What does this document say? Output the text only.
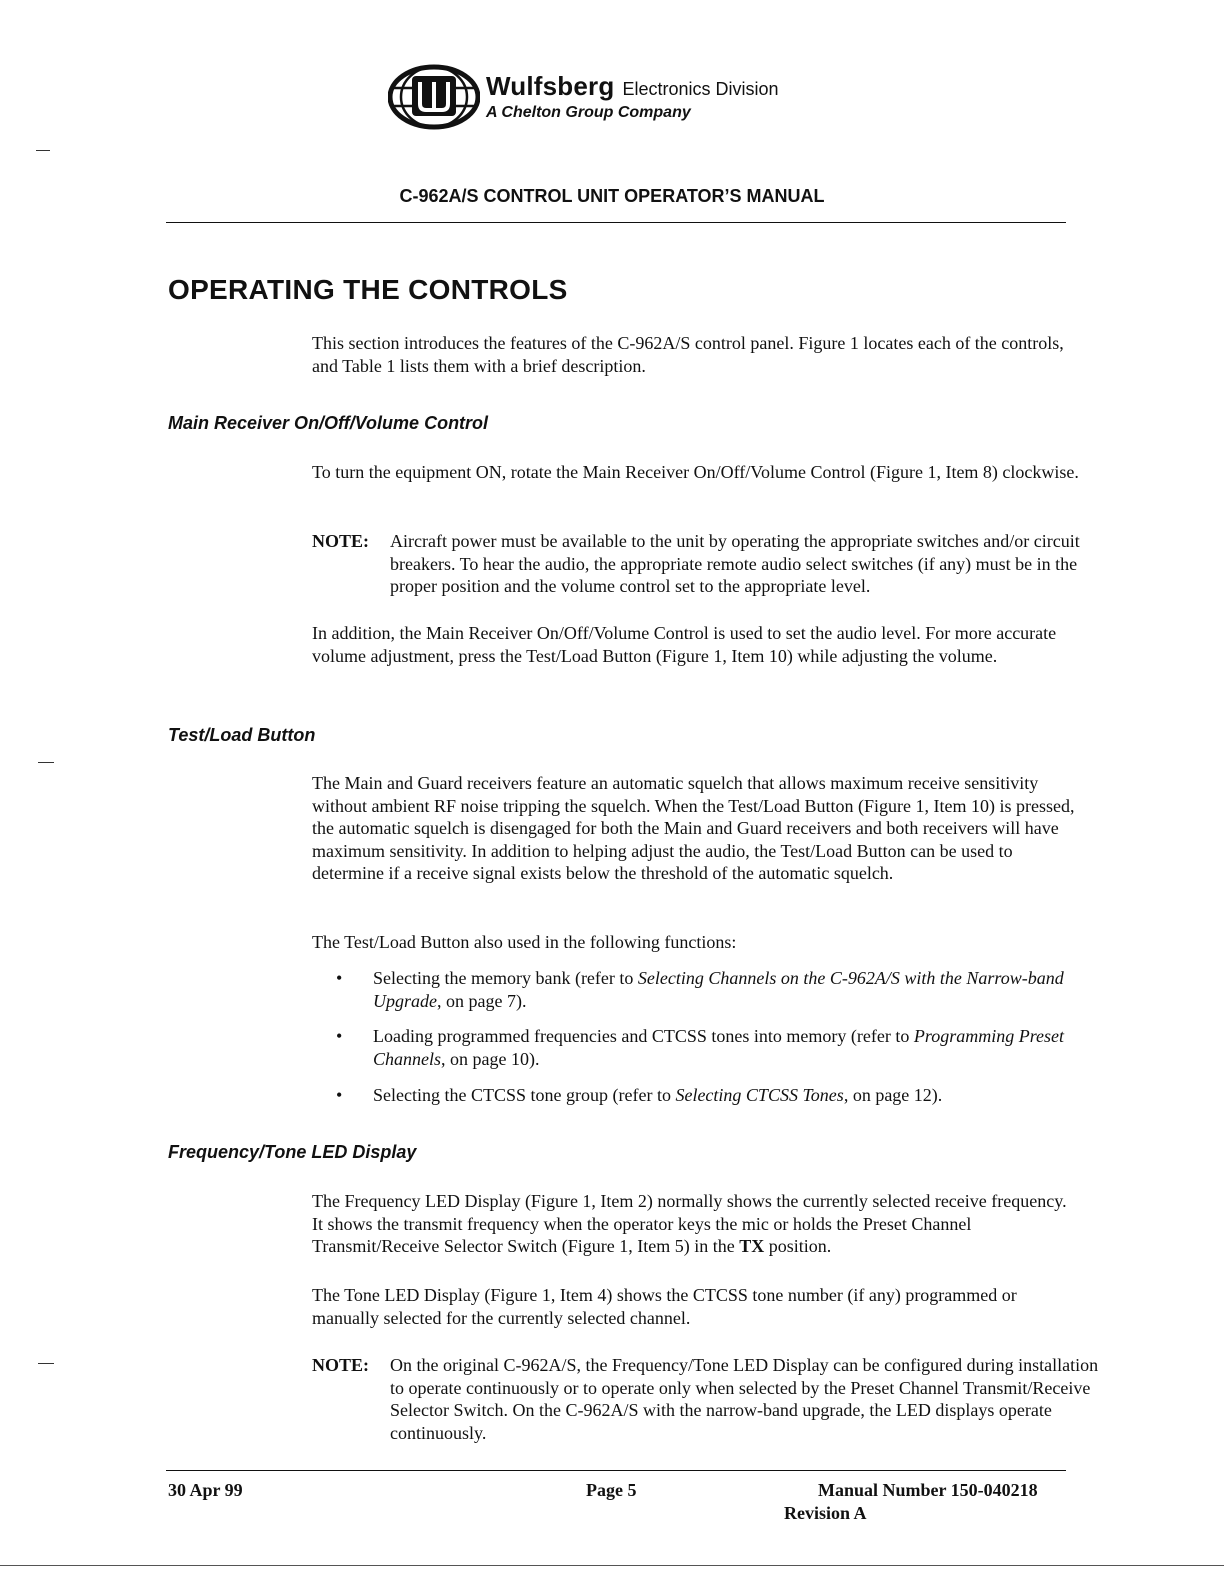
Wulfsberg Electronics Division
A Chelton Group Company
C-962A/S CONTROL UNIT OPERATOR’S MANUAL
OPERATING THE CONTROLS
This section introduces the features of the C-962A/S control panel. Figure 1 locates each of the controls, and Table 1 lists them with a brief description.
Main Receiver On/Off/Volume Control
To turn the equipment ON, rotate the Main Receiver On/Off/Volume Control (Figure 1, Item 8) clockwise.
NOTE: Aircraft power must be available to the unit by operating the appropriate switches and/or circuit breakers. To hear the audio, the appropriate remote audio select switches (if any) must be in the proper position and the volume control set to the appropriate level.
In addition, the Main Receiver On/Off/Volume Control is used to set the audio level. For more accurate volume adjustment, press the Test/Load Button (Figure 1, Item 10) while adjusting the volume.
Test/Load Button
The Main and Guard receivers feature an automatic squelch that allows maximum receive sensitivity without ambient RF noise tripping the squelch. When the Test/Load Button (Figure 1, Item 10) is pressed, the automatic squelch is disengaged for both the Main and Guard receivers and both receivers will have maximum sensitivity. In addition to helping adjust the audio, the Test/Load Button can be used to determine if a receive signal exists below the threshold of the automatic squelch.
The Test/Load Button also used in the following functions:
• Selecting the memory bank (refer to Selecting Channels on the C-962A/S with the Narrow-band Upgrade, on page 7).
• Loading programmed frequencies and CTCSS tones into memory (refer to Programming Preset Channels, on page 10).
• Selecting the CTCSS tone group (refer to Selecting CTCSS Tones, on page 12).
Frequency/Tone LED Display
The Frequency LED Display (Figure 1, Item 2) normally shows the currently selected receive frequency. It shows the transmit frequency when the operator keys the mic or holds the Preset Channel Transmit/Receive Selector Switch (Figure 1, Item 5) in the TX position.
The Tone LED Display (Figure 1, Item 4) shows the CTCSS tone number (if any) programmed or manually selected for the currently selected channel.
NOTE: On the original C-962A/S, the Frequency/Tone LED Display can be configured during installation to operate continuously or to operate only when selected by the Preset Channel Transmit/Receive Selector Switch. On the C-962A/S with the narrow-band upgrade, the LED displays operate continuously.
30 Apr 99	Page 5	Manual Number 150-040218
Revision A
